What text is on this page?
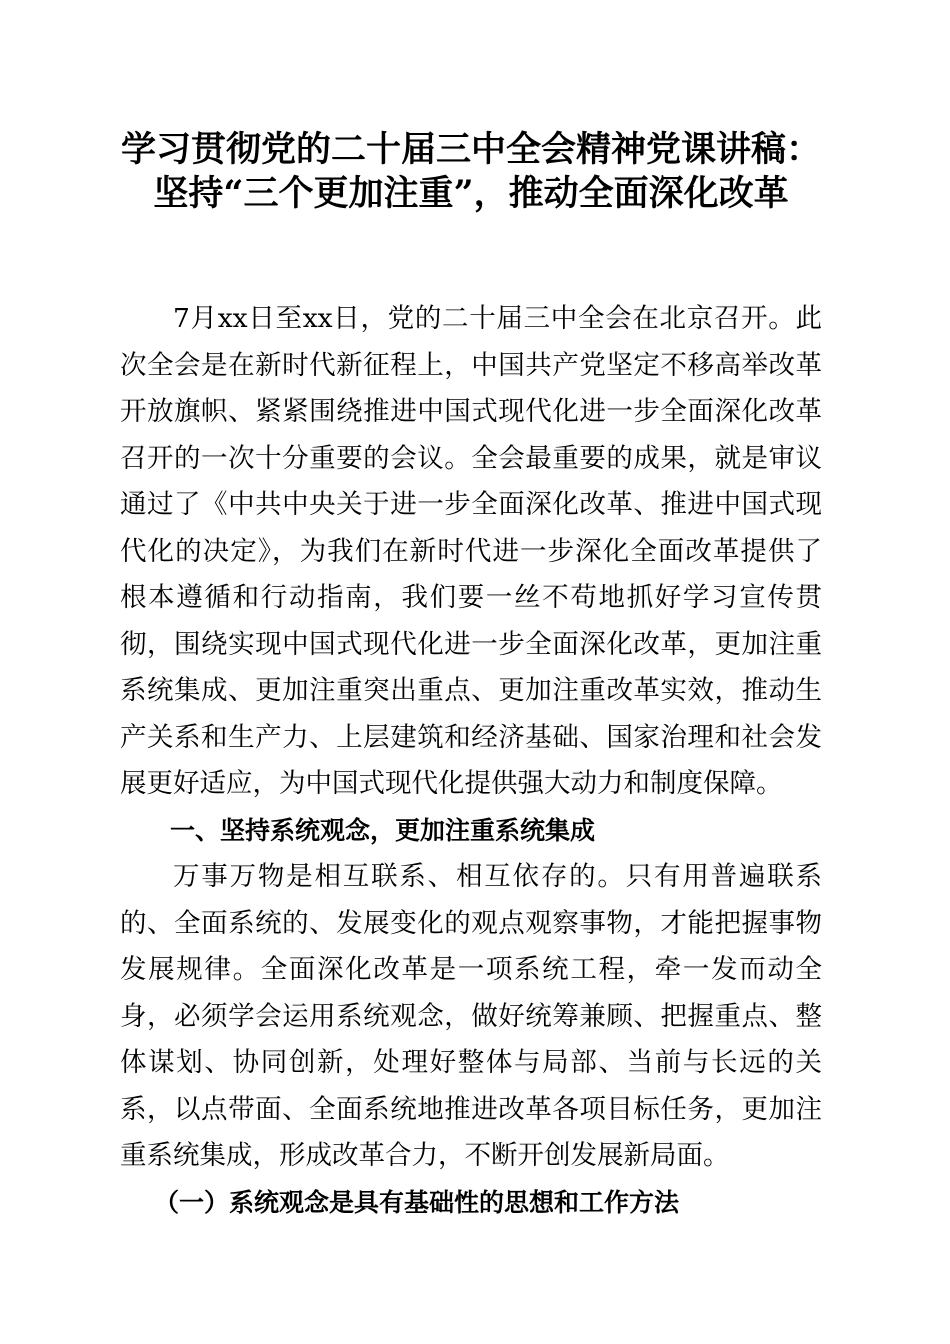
学习贯彻党的二十届三中全会精神党课讲稿：
坚持“三个更加注重”，推动全面深化改革

7月xx日至xx日，党的二十届三中全会在北京召开。此次全会是在新时代新征程上，中国共产党坚定不移高举改革开放旗帜、紧紧围绕推进中国式现代化进一步全面深化改革召开的一次十分重要的会议。全会最重要的成果，就是审议通过了《中共中央关于进一步全面深化改革、推进中国式现代化的决定》，为我们在新时代进一步深化全面改革提供了根本遵循和行动指南，我们要一丝不苟地抓好学习宣传贯彻，围绕实现中国式现代化进一步全面深化改革，更加注重系统集成、更加注重突出重点、更加注重改革实效，推动生产关系和生产力、上层建筑和经济基础、国家治理和社会发展更好适应，为中国式现代化提供强大动力和制度保障。

一、坚持系统观念，更加注重系统集成

万事万物是相互联系、相互依存的。只有用普遍联系的、全面系统的、发展变化的观点观察事物，才能把握事物发展规律。全面深化改革是一项系统工程，牵一发而动全身，必须学会运用系统观念，做好统筹兼顾、把握重点、整体谋划、协同创新，处理好整体与局部、当前与长远的关系，以点带面、全面系统地推进改革各项目标任务，更加注重系统集成，形成改革合力，不断开创发展新局面。

（一）系统观念是具有基础性的思想和工作方法
